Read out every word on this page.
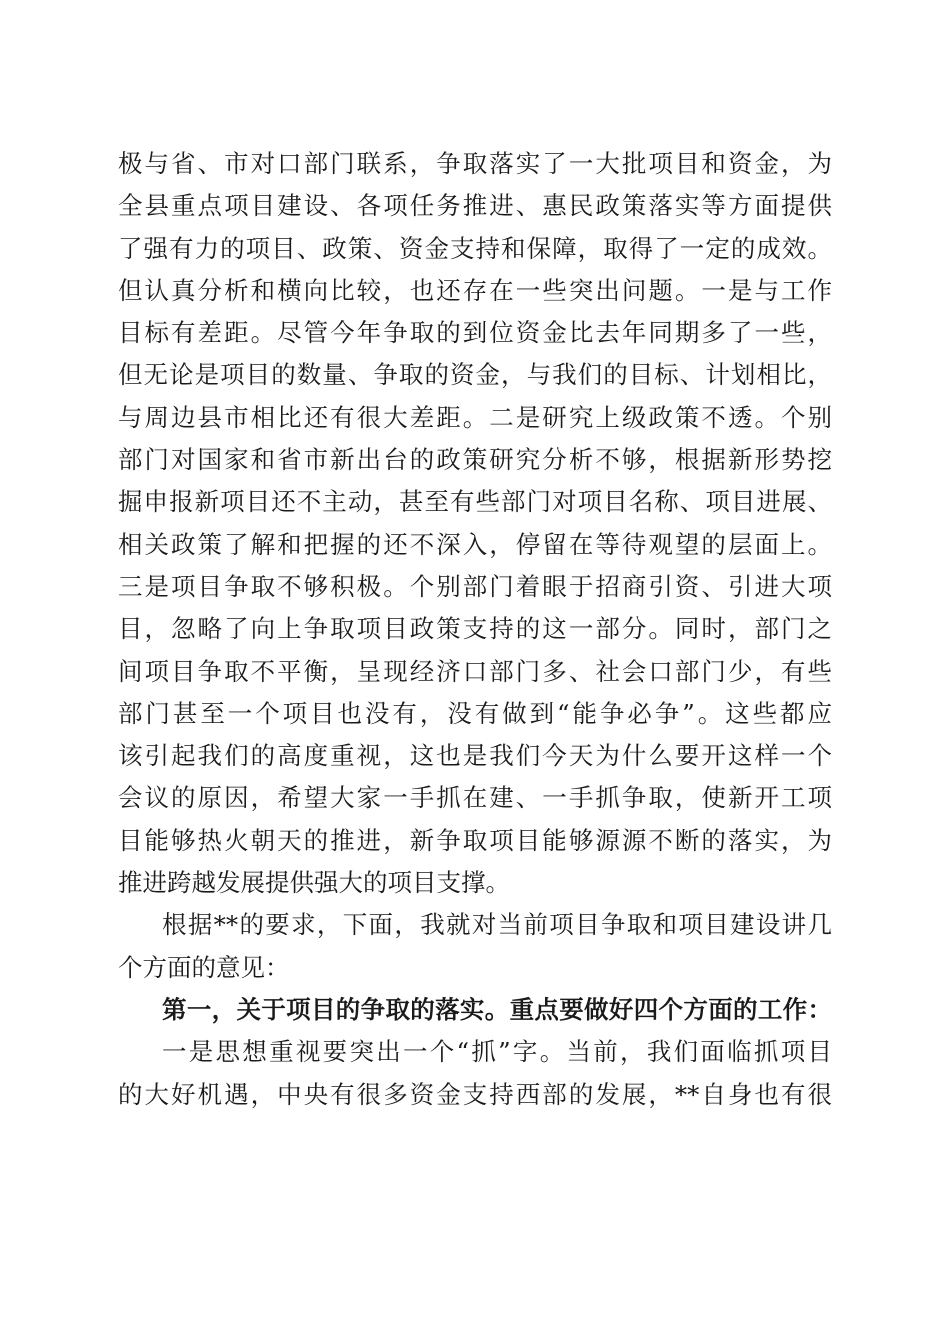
极与省、市对口部门联系，争取落实了一大批项目和资金，为
全县重点项目建设、各项任务推进、惠民政策落实等方面提供
了强有力的项目、政策、资金支持和保障，取得了一定的成效。
但认真分析和横向比较，也还存在一些突出问题。一是与工作
目标有差距。尽管今年争取的到位资金比去年同期多了一些，
但无论是项目的数量、争取的资金，与我们的目标、计划相比，
与周边县市相比还有很大差距。二是研究上级政策不透。个别
部门对国家和省市新出台的政策研究分析不够，根据新形势挖
掘申报新项目还不主动，甚至有些部门对项目名称、项目进展、
相关政策了解和把握的还不深入，停留在等待观望的层面上。
三是项目争取不够积极。个别部门着眼于招商引资、引进大项
目，忽略了向上争取项目政策支持的这一部分。同时，部门之
间项目争取不平衡，呈现经济口部门多、社会口部门少，有些
部门甚至一个项目也没有，没有做到“能争必争”。这些都应
该引起我们的高度重视，这也是我们今天为什么要开这样一个
会议的原因，希望大家一手抓在建、一手抓争取，使新开工项
目能够热火朝天的推进，新争取项目能够源源不断的落实，为
推进跨越发展提供强大的项目支撑。
根据**的要求，下面，我就对当前项目争取和项目建设讲几
个方面的意见：
第一，关于项目的争取的落实。重点要做好四个方面的工作：
一是思想重视要突出一个“抓”字。当前，我们面临抓项目
的大好机遇，中央有很多资金支持西部的发展，**自身也有很
